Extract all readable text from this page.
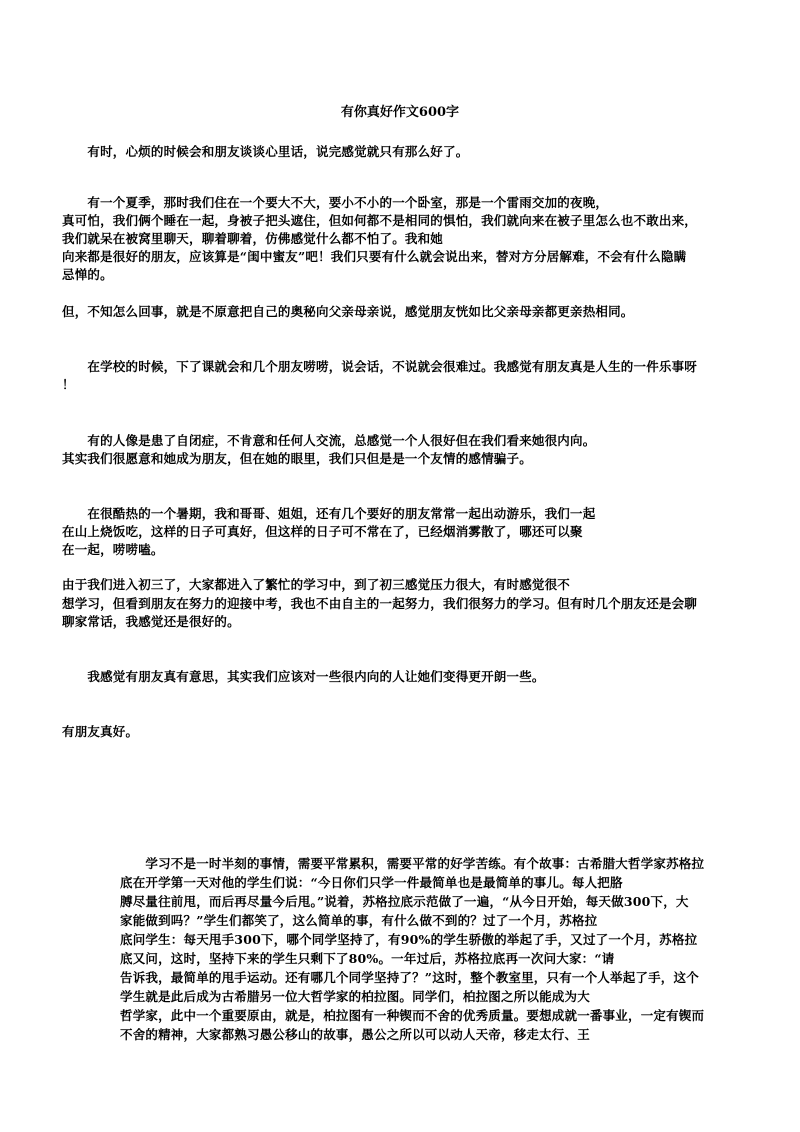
有你真好作文600字
　　有时，心烦的时候会和朋友谈谈心里话，说完感觉就只有那么好了。
　　有一个夏季，那时我们住在一个要大不大，要小不小的一个卧室，那是一个雷雨交加的夜晚，
真可怕，我们俩个睡在一起，身被子把头遮住，但如何都不是相同的惧怕，我们就向来在被子里怎么也不敢出来，
我们就呆在被窝里聊天，聊着聊着，仿佛感觉什么都不怕了。我和她
向来都是很好的朋友，应该算是“闺中蜜友”吧！我们只要有什么就会说出来，替对方分居解难，不会有什么隐瞒
忌惮的。
但，不知怎么回事，就是不原意把自己的奥秘向父亲母亲说，感觉朋友恍如比父亲母亲都更亲热相同。
　　在学校的时候，下了课就会和几个朋友唠唠，说会话，不说就会很难过。我感觉有朋友真是人生的一件乐事呀
！
　　有的人像是患了自闭症，不肯意和任何人交流，总感觉一个人很好但在我们看来她很内向。
其实我们很愿意和她成为朋友，但在她的眼里，我们只但是是一个友情的感情骗子。
　　在很酷热的一个暑期，我和哥哥、姐姐，还有几个要好的朋友常常一起出动游乐，我们一起
在山上烧饭吃，这样的日子可真好，但这样的日子可不常在了，已经烟消雾散了，哪还可以聚
在一起，唠唠嗑。
由于我们进入初三了，大家都进入了繁忙的学习中，到了初三感觉压力很大，有时感觉很不
想学习，但看到朋友在努力的迎接中考，我也不由自主的一起努力，我们很努力的学习。但有时几个朋友还是会聊
聊家常话，我感觉还是很好的。
　　我感觉有朋友真有意思，其实我们应该对一些很内向的人让她们变得更开朗一些。
有朋友真好。
　　学习不是一时半刻的事情，需要平常累积，需要平常的好学苦练。有个故事：古希腊大哲学家苏格拉
底在开学第一天对他的学生们说：“今日你们只学一件最简单也是最简单的事儿。每人把胳
膊尽量往前甩，而后再尽量今后甩。”说着，苏格拉底示范做了一遍，“从今日开始，每天做300下，大
家能做到吗？”学生们都笑了，这么简单的事，有什么做不到的？过了一个月，苏格拉
底问学生：每天甩手300下，哪个同学坚持了，有90%的学生骄傲的举起了手，又过了一个月，苏格拉
底又问，这时，坚持下来的学生只剩下了80%。一年过后，苏格拉底再一次问大家：“请
告诉我，最简单的甩手运动。还有哪几个同学坚持了？”这时，整个教室里，只有一个人举起了手，这个
学生就是此后成为古希腊另一位大哲学家的柏拉图。同学们，柏拉图之所以能成为大
哲学家，此中一个重要原由，就是，柏拉图有一种锲而不舍的优秀质量。要想成就一番事业，一定有锲而
不舍的精神，大家都熟习愚公移山的故事，愚公之所以可以动人天帝，移走太行、王
